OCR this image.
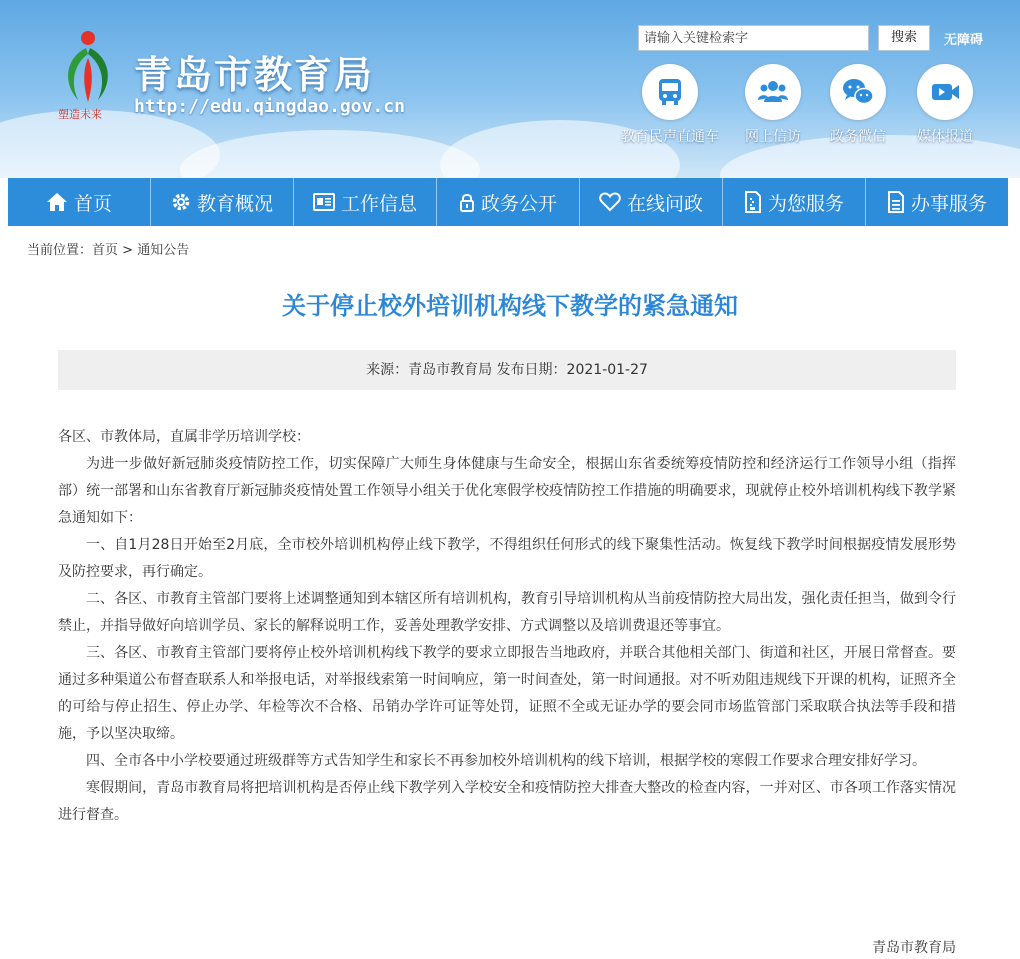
塑造未来
青岛市教育局
http://edu.qingdao.gov.cn
请输入关键检索字
搜索	无障碍
教育民声直通车	网上信访	政务微信	媒体报道
首页	教育概况	工作信息	政务公开	在线问政	为您服务	办事服务
当前位置：首页 > 通知公告
关于停止校外培训机构线下教学的紧急通知
来源：青岛市教育局 发布日期：2021-01-27

各区、市教体局，直属非学历培训学校：

为进一步做好新冠肺炎疫情防控工作，切实保障广大师生身体健康与生命安全，根据山东省委统筹疫情防控和经济运行工作领导小组（指挥部）统一部署和山东省教育厅新冠肺炎疫情处置工作领导小组关于优化寒假学校疫情防控工作措施的明确要求，现就停止校外培训机构线下教学紧急通知如下：

一、自1月28日开始至2月底，全市校外培训机构停止线下教学，不得组织任何形式的线下聚集性活动。恢复线下教学时间根据疫情发展形势及防控要求，再行确定。

二、各区、市教育主管部门要将上述调整通知到本辖区所有培训机构，教育引导培训机构从当前疫情防控大局出发，强化责任担当，做到令行禁止，并指导做好向培训学员、家长的解释说明工作，妥善处理教学安排、方式调整以及培训费退还等事宜。

三、各区、市教育主管部门要将停止校外培训机构线下教学的要求立即报告当地政府，并联合其他相关部门、街道和社区，开展日常督查。要通过多种渠道公布督查联系人和举报电话，对举报线索第一时间响应，第一时间查处，第一时间通报。对不听劝阻违规线下开课的机构，证照齐全的可给与停止招生、停止办学、年检等次不合格、吊销办学许可证等处罚，证照不全或无证办学的要会同市场监管部门采取联合执法等手段和措施，予以坚决取缔。

四、全市各中小学校要通过班级群等方式告知学生和家长不再参加校外培训机构的线下培训，根据学校的寒假工作要求合理安排好学习。

寒假期间，青岛市教育局将把培训机构是否停止线下教学列入学校安全和疫情防控大排查大整改的检查内容，一并对区、市各项工作落实情况进行督查。

青岛市教育局
